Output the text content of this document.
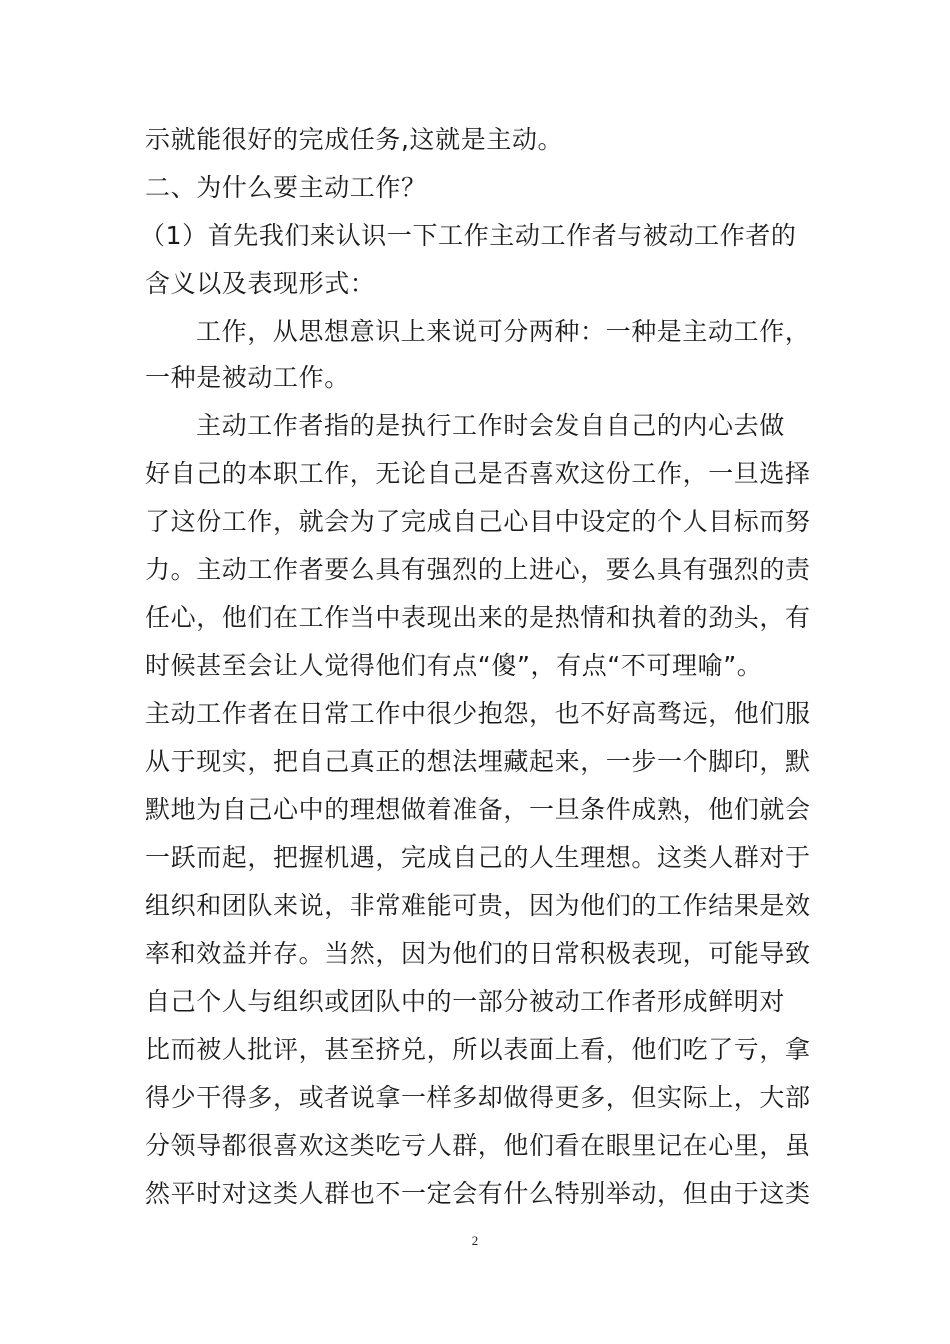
示就能很好的完成任务,这就是主动。
二、为什么要主动工作？
（1）首先我们来认识一下工作主动工作者与被动工作者的
含义以及表现形式：
工作，从思想意识上来说可分两种：一种是主动工作，
一种是被动工作。
主动工作者指的是执行工作时会发自自己的内心去做
好自己的本职工作，无论自己是否喜欢这份工作，一旦选择
了这份工作，就会为了完成自己心目中设定的个人目标而努
力。主动工作者要么具有强烈的上进心，要么具有强烈的责
任心，他们在工作当中表现出来的是热情和执着的劲头，有
时候甚至会让人觉得他们有点“傻”，有点“不可理喻”。
主动工作者在日常工作中很少抱怨，也不好高骛远，他们服
从于现实，把自己真正的想法埋藏起来，一步一个脚印，默
默地为自己心中的理想做着准备，一旦条件成熟，他们就会
一跃而起，把握机遇，完成自己的人生理想。这类人群对于
组织和团队来说，非常难能可贵，因为他们的工作结果是效
率和效益并存。当然，因为他们的日常积极表现，可能导致
自己个人与组织或团队中的一部分被动工作者形成鲜明对
比而被人批评，甚至挤兑，所以表面上看，他们吃了亏，拿
得少干得多，或者说拿一样多却做得更多，但实际上，大部
分领导都很喜欢这类吃亏人群，他们看在眼里记在心里，虽
然平时对这类人群也不一定会有什么特别举动，但由于这类
2
